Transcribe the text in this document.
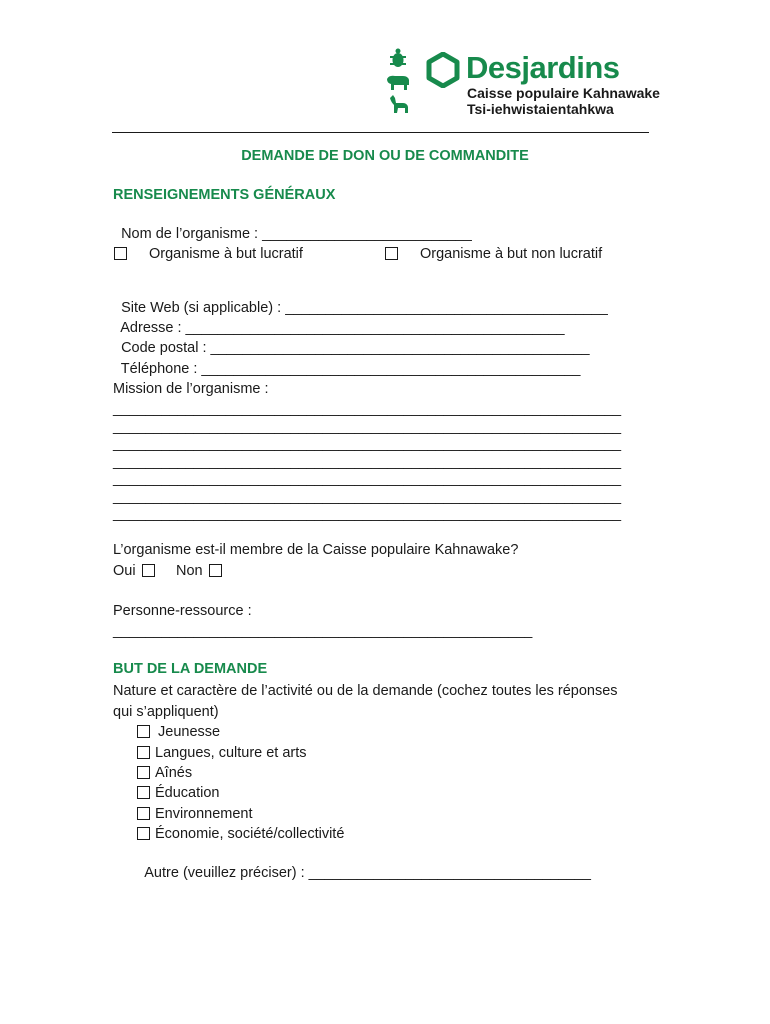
Desjardins
Caisse populaire Kahnawake
Tsi-iehwistaientahkwa
DEMANDE DE DON OU DE COMMANDITE
RENSEIGNEMENTS GÉNÉRAUX

Nom de l’organisme : __________________________

Organisme à but lucratif	Organisme à but non lucratif

Site Web (si applicable) : ________________________________________

Adresse : _______________________________________________

Code postal : _______________________________________________

Téléphone : _______________________________________________

Mission de l’organisme :
_______________________________________________________________
_______________________________________________________________
_______________________________________________________________
_______________________________________________________________
_______________________________________________________________
_______________________________________________________________
_______________________________________________________________
L’organisme est-il membre de la Caisse populaire Kahnawake?
Oui	Non
Personne-ressource :
____________________________________________________
BUT DE LA DEMANDE
Nature et caractère de l’activité ou de la demande (cochez toutes les réponses
qui s’appliquent)
Jeunesse
Langues, culture et arts
Aînés
Éducation
Environnement
Économie, société/collectivité

Autre (veuillez préciser) : ___________________________________
